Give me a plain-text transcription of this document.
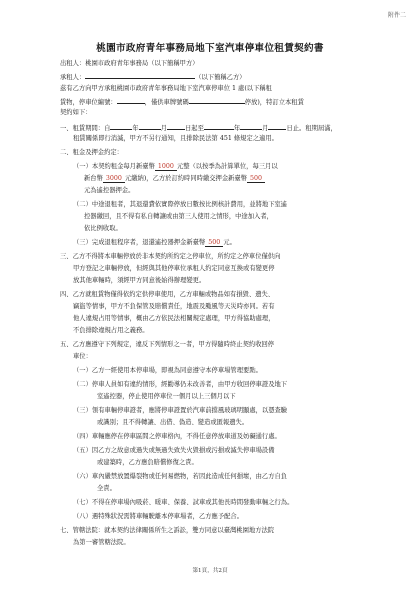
附件二
桃園市政府青年事務局地下室汽車停車位租賃契約書
出租人：桃園市政府青年事務局（以下簡稱甲方）
承租人：	（以下簡稱乙方）
茲有乙方向甲方承租桃園市政府青年事務局地下室汽車停車位 1 處(以下稱租
賃物，停車位編號：	，僅供車牌號碼	停放)，特訂立本租賃
契約如下：
一、租賃期間：自	年	月	日起至	年	月	日止。租期屆滿，
租賃關係即行消滅，甲方不另行通知，且排除民法第 451 條規定之適用。
二、租金及押金約定：
（一）本契約租金每月新臺幣 1000 元整（以按季為計算單位，每三月以
新台幣 3000 元繳納)，乙方於訂約時同時繳交押金新臺幣 500
元為遙控器押金。
（二）中途退租者，其退還費依實際停放日數按比例核計費用，並將地下室遙
控器繳回，且不得有私自轉讓或由第三人使用之情形，中途加入者，
依比例收取。
（三）完成退租程序者，退還遙控器押金新臺幣 500 元。
三、乙方不得將本車輛停放於非本契約所約定之停車位，所約定之停車位僅供向
甲方登記之車輛停放，但經與其他停車位承租人約定同意互換或有變更停
放其他車輛時，須經甲方同意後始得辦理變更。
四、乙方就租賃物僅得依約定供停車使用，乙方車輛或物品如有損毀、遺失、
竊盜等情事，甲方不負保管及賠償責任，地震及颱風等天災時亦同。若有
他人違規占用等情事，概由乙方依民法相關規定處理，甲方得協助處理，
不負排除違規占用之義務。
五、乙方應遵守下列規定，違反下列情形之一者，甲方得隨時終止契約收回停
車位：
（一）乙方一經使用本停車場，即視為同意遵守本停車場管理要點。
（二）停車人員如有違約情形，經勸導仍未改善者，由甲方收回停車證及地下
室遙控器，停止使用停車位一個月以上三個月以下
（三）領有車輛停車證者，應將停車證置於汽車前擋風玻璃明顯處，以憑查驗
或識別；且不得轉讓、出借、偽造、變造或匿報遺失。
（四）車輛應停在停車區間之停車格內，不得任意停放車道及妨礙通行處。
（五）因乙方之故意或過失或無過失致失火毀損或污損或滅失停車場設備
或建築時，乙方應負賠償修復之責。
（六）車內嚴禁放置爆裂物或任何易燃物，若因此造成任何損壞，由乙方自負
全責。
（七）不得在停車場內吸菸、暖車、保養、試車或其他長時間發動車輛之行為。
（八）遇特殊狀況需將車輛駛離本停車場者，乙方應予配合。
七、管轄法院：就本契約法律關係所生之訴訟，雙方同意以臺灣桃園地方法院
為第一審管轄法院。
第1頁，共2頁
